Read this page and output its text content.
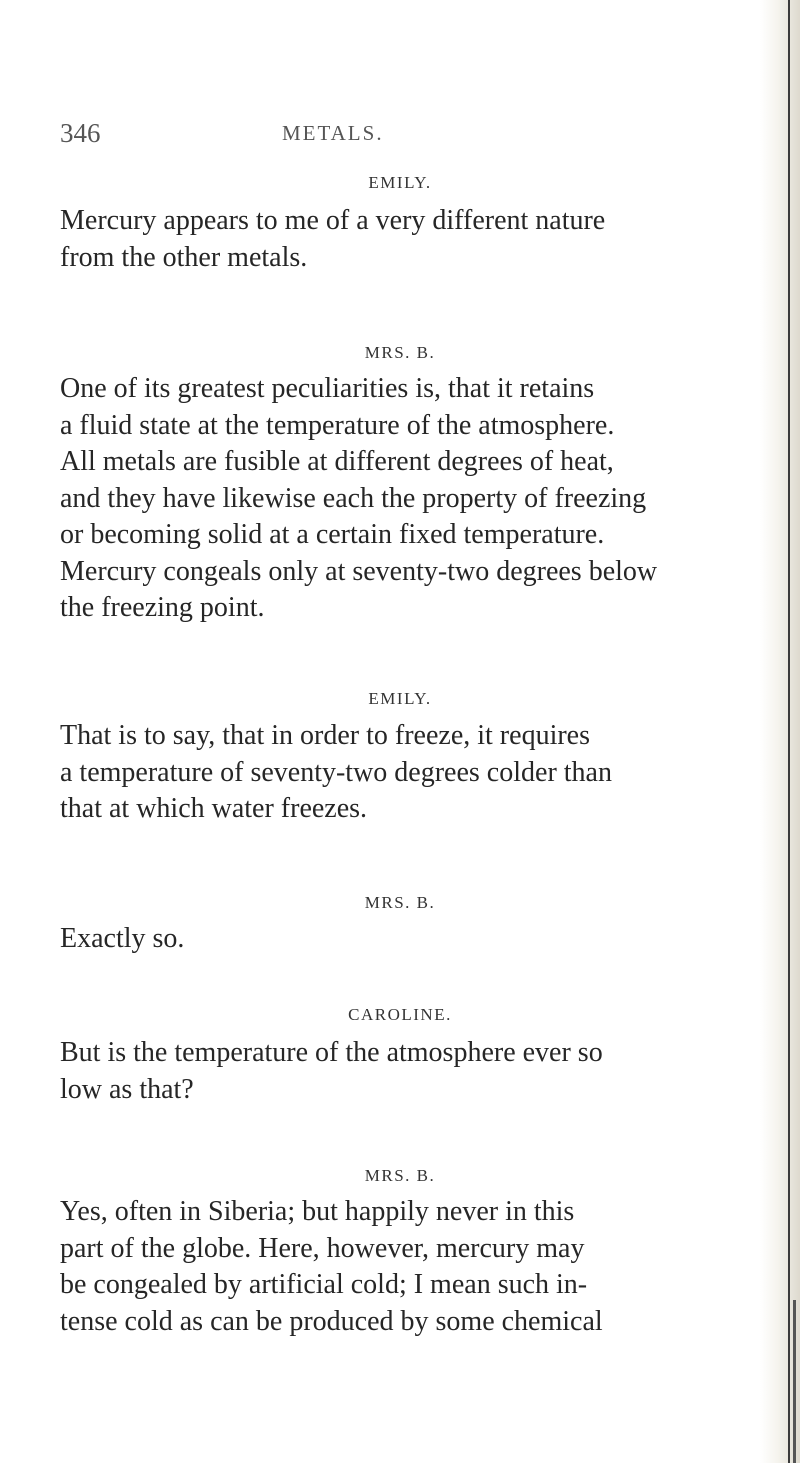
346	METALS.
EMILY.
Mercury appears to me of a very different nature
from the other metals.
MRS. B.
One of its greatest peculiarities is, that it retains
a fluid state at the temperature of the atmosphere.
All metals are fusible at different degrees of heat,
and they have likewise each the property of freezing
or becoming solid at a certain fixed temperature.
Mercury congeals only at seventy-two degrees below
the freezing point.
EMILY.
That is to say, that in order to freeze, it requires
a temperature of seventy-two degrees colder than
that at which water freezes.
MRS. B.
Exactly so.
CAROLINE.
But is the temperature of the atmosphere ever so
low as that?
MRS. B.
Yes, often in Siberia; but happily never in this
part of the globe. Here, however, mercury may
be congealed by artificial cold; I mean such in-
tense cold as can be produced by some chemical
